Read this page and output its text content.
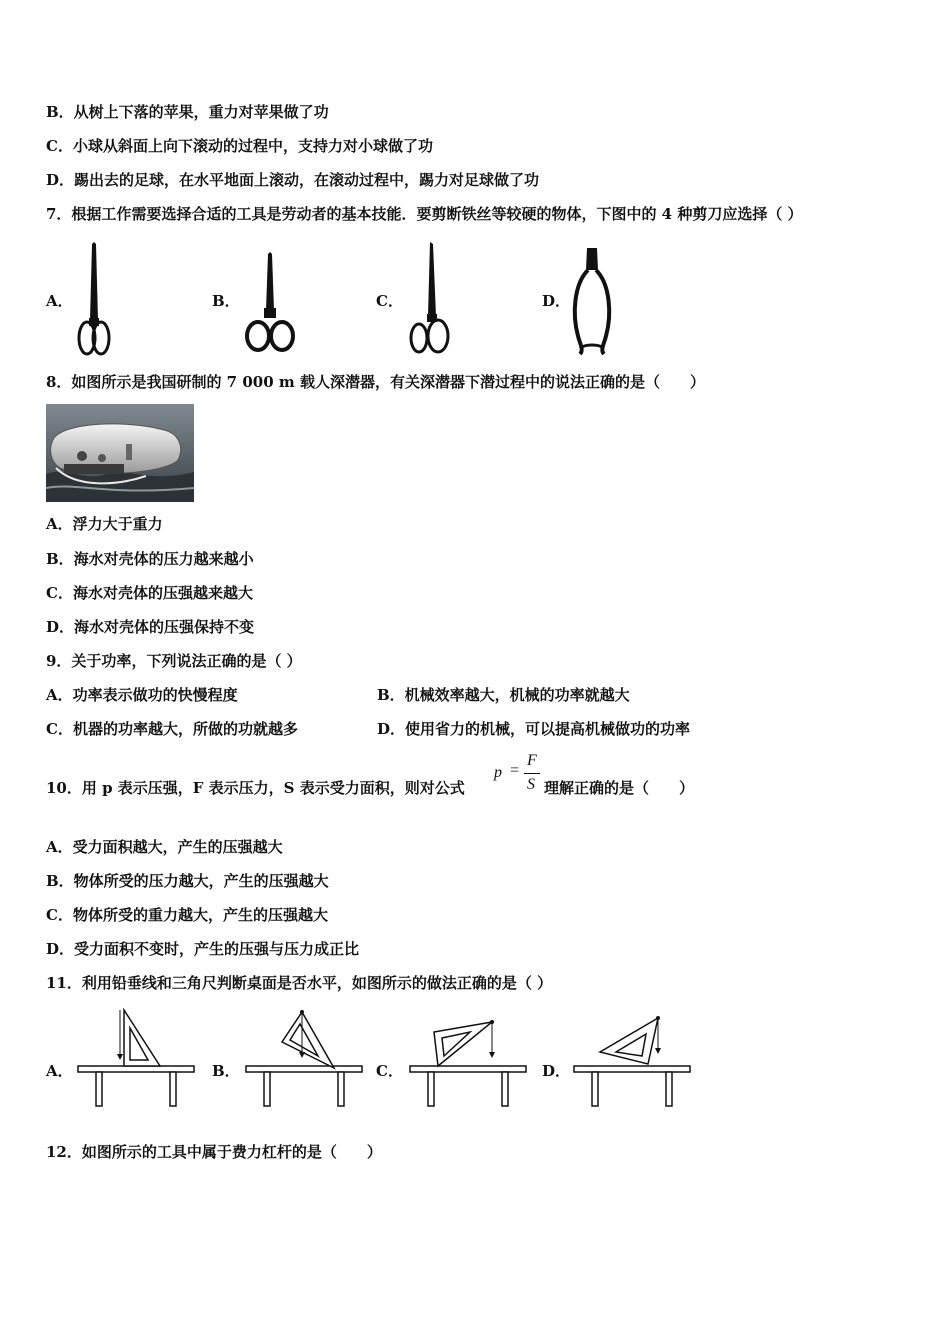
B．从树上下落的苹果，重力对苹果做了功
C．小球从斜面上向下滚动的过程中，支持力对小球做了功
D．踢出去的足球，在水平地面上滚动，在滚动过程中，踢力对足球做了功
7．根据工作需要选择合适的工具是劳动者的基本技能．要剪断铁丝等较硬的物体，下图中的 4 种剪刀应选择（ ）
A．	B．	C．	D．
8．如图所示是我国研制的 7 000 m 载人深潜器，有关深潜器下潜过程中的说法正确的是（　　）
A．浮力大于重力
B．海水对壳体的压力越来越小
C．海水对壳体的压强越来越大
D．海水对壳体的压强保持不变
9．关于功率，下列说法正确的是（ ）
A．功率表示做功的快慢程度	B．机械效率越大，机械的功率就越大
C．机器的功率越大，所做的功就越多	D．使用省力的机械，可以提高机械做功的功率
10．用 p 表示压强，F 表示压力，S 表示受力面积，则对公式
p =
F
S 理解正确的是（　　）
A．受力面积越大，产生的压强越大
B．物体所受的压力越大，产生的压强越大
C．物体所受的重力越大，产生的压强越大
D．受力面积不变时，产生的压强与压力成正比
11．利用铅垂线和三角尺判断桌面是否水平，如图所示的做法正确的是（ ）
A．	B．	C．	D．
12．如图所示的工具中属于费力杠杆的是（　　）
